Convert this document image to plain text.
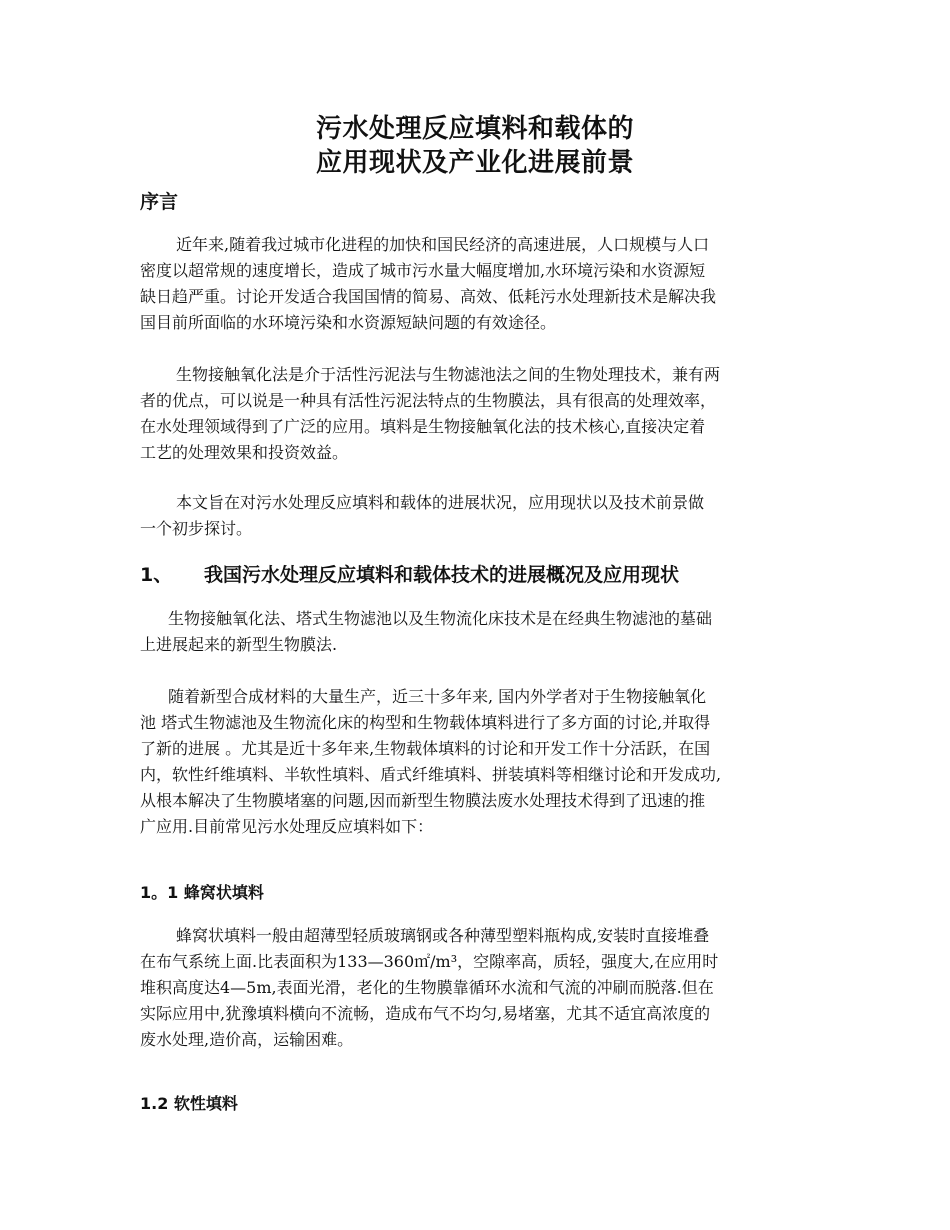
污水处理反应填料和载体的

应用现状及产业化进展前景

序言

近年来,随着我过城市化进程的加快和国民经济的高速进展，人口规模与人口
密度以超常规的速度增长，造成了城市污水量大幅度增加,水环境污染和水资源短
缺日趋严重。讨论开发适合我国国情的简易、高效、低耗污水处理新技术是解决我
国目前所面临的水环境污染和水资源短缺问题的有效途径。

生物接触氧化法是介于活性污泥法与生物滤池法之间的生物处理技术，兼有两
者的优点，可以说是一种具有活性污泥法特点的生物膜法，具有很高的处理效率，
在水处理领域得到了广泛的应用。填料是生物接触氧化法的技术核心,直接决定着
工艺的处理效果和投资效益。

本文旨在对污水处理反应填料和载体的进展状况，应用现状以及技术前景做
一个初步探讨。

1、 我国污水处理反应填料和载体技术的进展概况及应用现状

生物接触氧化法、塔式生物滤池以及生物流化床技术是在经典生物滤池的墓础
上进展起来的新型生物膜法.

随着新型合成材料的大量生产，近三十多年来, 国内外学者对于生物接触氧化
池 塔式生物滤池及生物流化床的构型和生物载体填料进行了多方面的讨论,并取得
了新的进展 。尤其是近十多年来,生物载体填料的讨论和开发工作十分活跃，在国
内，软性纤维填料、半软性填料、盾式纤维填料、拼装填料等相继讨论和开发成功,
从根本解决了生物膜堵塞的问题,因而新型生物膜法废水处理技术得到了迅速的推
广应用.目前常见污水处理反应填料如下：

1。1 蜂窝状填料

蜂窝状填料一般由超薄型轻质玻璃钢或各种薄型塑料瓶构成,安装时直接堆叠
在布气系统上面.比表面积为133—360㎡/m³，空隙率高，质轻，强度大,在应用时
堆积高度达4—5m,表面光滑，老化的生物膜靠循环水流和气流的冲刷而脱落.但在
实际应用中,犹豫填料横向不流畅，造成布气不均匀,易堵塞，尤其不适宜高浓度的
废水处理,造价高，运输困难。

1.2 软性填料
